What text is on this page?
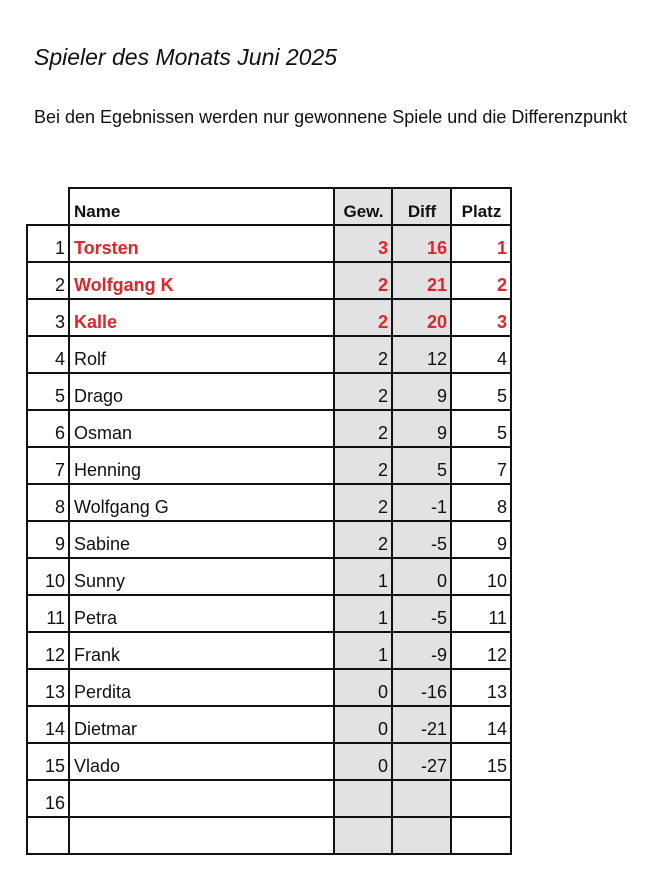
Spieler des Monats Juni 2025

Bei den Egebnissen werden nur gewonnene Spiele und die Differenzpunkt

	Name	Gew.	Diff	Platz
1	Torsten	3	16	1
2	Wolfgang K	2	21	2
3	Kalle	2	20	3
4	Rolf	2	12	4
5	Drago	2	9	5
6	Osman	2	9	5
7	Henning	2	5	7
8	Wolfgang G	2	-1	8
9	Sabine	2	-5	9
10	Sunny	1	0	10
11	Petra	1	-5	11
12	Frank	1	-9	12
13	Perdita	0	-16	13
14	Dietmar	0	-21	14
15	Vlado	0	-27	15
16				
